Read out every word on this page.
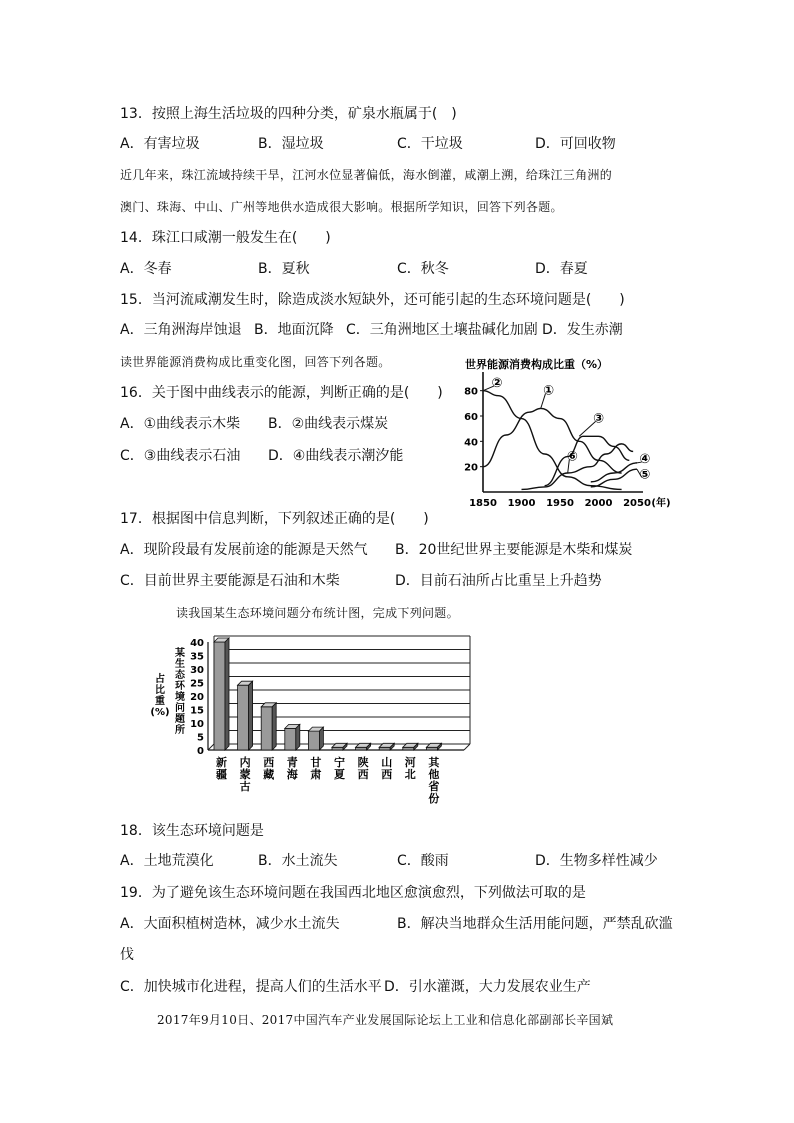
13．按照上海生活垃圾的四种分类，矿泉水瓶属于(　)
A．有害垃圾	B．湿垃圾	C．干垃圾	D．可回收物
近几年来，珠江流域持续干旱，江河水位显著偏低，海水倒灌，咸潮上溯，给珠江三角洲的
澳门、珠海、中山、广州等地供水造成很大影响。根据所学知识，回答下列各题。
14．珠江口咸潮一般发生在(　　)
A．冬春	B．夏秋	C．秋冬	D．春夏
15．当河流咸潮发生时，除造成淡水短缺外，还可能引起的生态环境问题是(　　)
A．三角洲海岸蚀退 B．地面沉降 C．三角洲地区土壤盐碱化加剧 D．发生赤潮
读世界能源消费构成比重变化图，回答下列各题。
16．关于图中曲线表示的能源，判断正确的是(　　)
A．①曲线表示木柴 B．②曲线表示煤炭
C．③曲线表示石油 D．④曲线表示潮汐能
世界能源消费构成比重（%）
20
40
60
80
1850 1900 1950 2000 2050 (年)
①
②
③
④
⑤
⑥
17．根据图中信息判断，下列叙述正确的是(　　)
A．现阶段最有发展前途的能源是天然气 B．20世纪世界主要能源是木柴和煤炭
C．目前世界主要能源是石油和木柴	D．目前石油所占比重呈上升趋势
读我国某生态环境问题分布统计图，完成下列问题。
某
生
态
环
境
问
题
所
占
比
重
(%)
0
5
10
15
20
25
30
35
40
新
疆
内
蒙
古
西
藏
青
海
甘
肃
宁
夏
陕
西
山
西
河
北
其
他
省
份
18．该生态环境问题是
A．土地荒漠化	B．水土流失	C．酸雨	D．生物多样性减少
19．为了避免该生态环境问题在我国西北地区愈演愈烈，下列做法可取的是
A．大面积植树造林，减少水土流失	B．解决当地群众生活用能问题，严禁乱砍滥
伐
C．加快城市化进程，提高人们的生活水平 D．引水灌溉，大力发展农业生产
2017年9月10日、2017中国汽车产业发展国际论坛上工业和信息化部副部长辛国斌
